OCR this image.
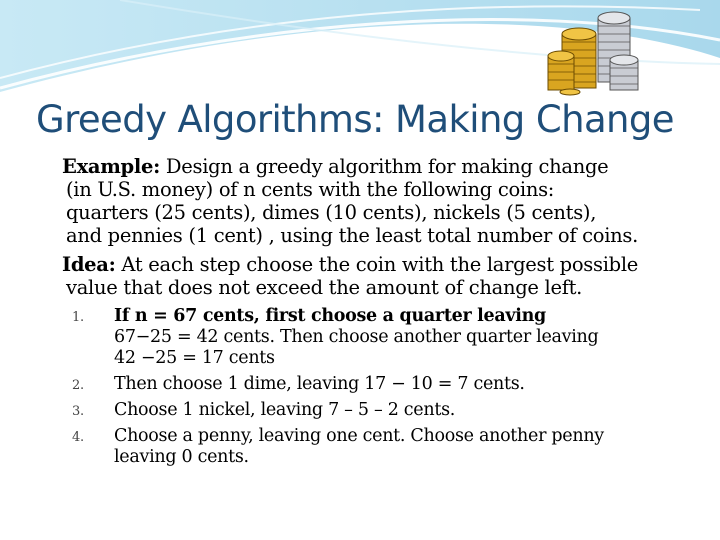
Greedy Algorithms: Making Change
Example: Design a greedy algorithm for making change
(in U.S. money) of n cents with the following coins:
quarters (25 cents), dimes (10 cents), nickels (5 cents),
and pennies (1 cent) , using the least total number of coins.
Idea: At each step choose the coin with the largest possible
value that does not exceed the amount of change left.
1. If n = 67 cents, first choose a quarter leaving
67−25 = 42 cents. Then choose another quarter leaving
42 −25 = 17 cents
2. Then choose 1 dime, leaving 17 − 10 = 7 cents.
3. Choose 1 nickel, leaving 7 – 5 – 2 cents.
4. Choose a penny, leaving one cent. Choose another penny
leaving 0 cents.
